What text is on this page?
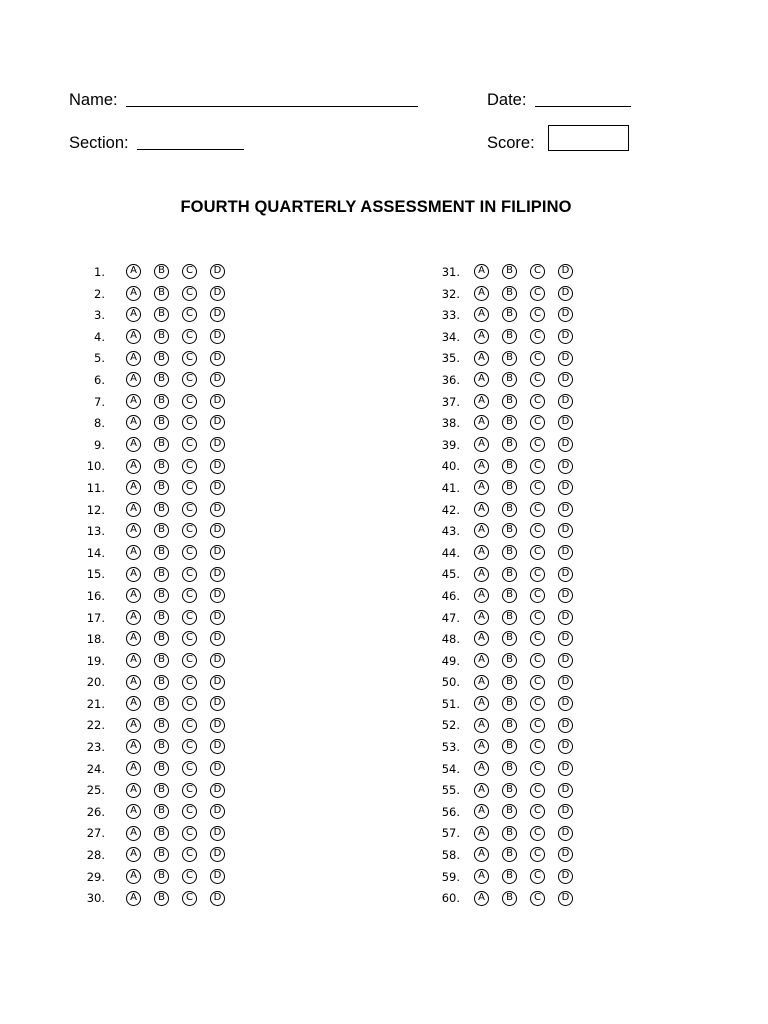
Name:	Date:
Section:	Score:
FOURTH QUARTERLY ASSESSMENT IN FILIPINO
1.	A	B	C	D
2.	A	B	C	D
3.	A	B	C	D
4.	A	B	C	D
5.	A	B	C	D
6.	A	B	C	D
7.	A	B	C	D
8.	A	B	C	D
9.	A	B	C	D
10.	A	B	C	D
11.	A	B	C	D
12.	A	B	C	D
13.	A	B	C	D
14.	A	B	C	D
15.	A	B	C	D
16.	A	B	C	D
17.	A	B	C	D
18.	A	B	C	D
19.	A	B	C	D
20.	A	B	C	D
21.	A	B	C	D
22.	A	B	C	D
23.	A	B	C	D
24.	A	B	C	D
25.	A	B	C	D
26.	A	B	C	D
27.	A	B	C	D
28.	A	B	C	D
29.	A	B	C	D
30.	A	B	C	D
31.	A	B	C	D
32.	A	B	C	D
33.	A	B	C	D
34.	A	B	C	D
35.	A	B	C	D
36.	A	B	C	D
37.	A	B	C	D
38.	A	B	C	D
39.	A	B	C	D
40.	A	B	C	D
41.	A	B	C	D
42.	A	B	C	D
43.	A	B	C	D
44.	A	B	C	D
45.	A	B	C	D
46.	A	B	C	D
47.	A	B	C	D
48.	A	B	C	D
49.	A	B	C	D
50.	A	B	C	D
51.	A	B	C	D
52.	A	B	C	D
53.	A	B	C	D
54.	A	B	C	D
55.	A	B	C	D
56.	A	B	C	D
57.	A	B	C	D
58.	A	B	C	D
59.	A	B	C	D
60.	A	B	C	D
